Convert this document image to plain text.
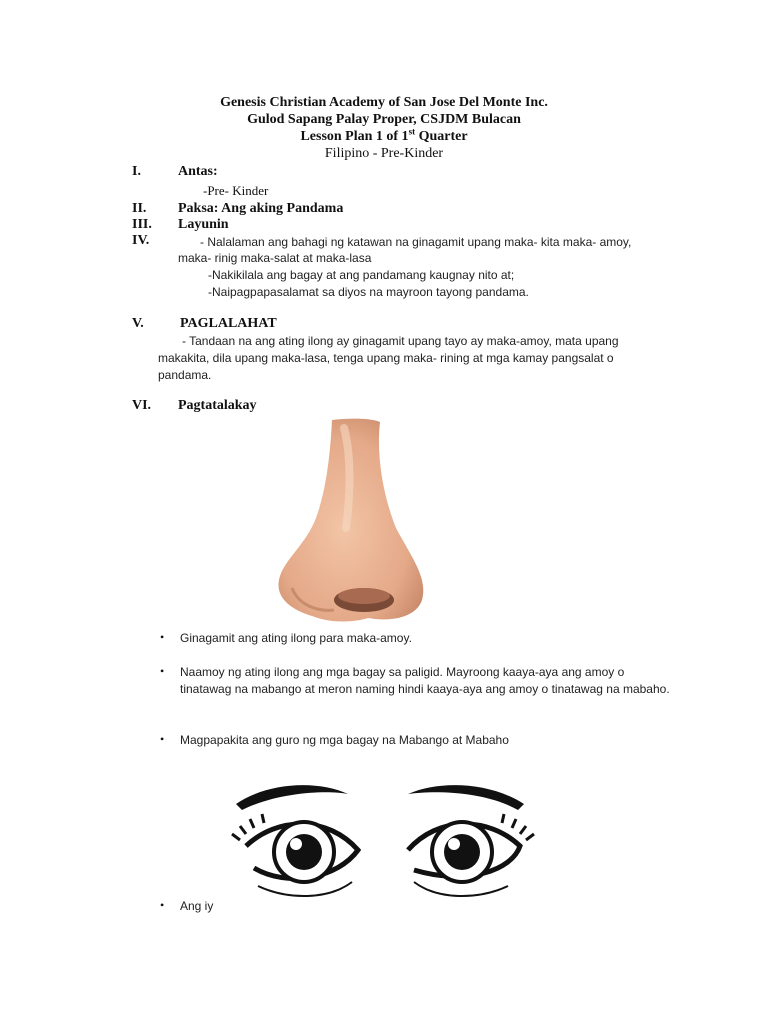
Genesis Christian Academy of San Jose Del Monte Inc.
Gulod Sapang Palay Proper, CSJDM Bulacan
Lesson Plan 1 of 1st Quarter
Filipino - Pre-Kinder
I.	Antas:
-Pre- Kinder
II. Paksa: Ang aking Pandama
III. Layunin
IV.	- Nalalaman ang bahagi ng katawan na ginagamit upang maka- kita maka- amoy,
maka- rinig maka-salat at maka-lasa
-Nakikilala ang bagay at ang pandamang kaugnay nito at;
-Naipagpapasalamat sa diyos na mayroon tayong pandama.
V.	PAGLALAHAT
- Tandaan na ang ating ilong ay ginagamit upang tayo ay maka-amoy, mata upang
makakita, dila upang maka-lasa, tenga upang maka- rining at mga kamay pangsalat o
pandama.
VI. Pagtatalakay
• Ginagamit ang ating ilong para maka-amoy.
• Naamoy ng ating ilong ang mga bagay sa paligid. Mayroong kaaya-aya ang amoy o tinatawag na mabango at meron naming hindi kaaya-aya ang amoy o tinatawag na mabaho.
• Magpapakita ang guro ng mga bagay na Mabango at Mabaho
• Ang iy
